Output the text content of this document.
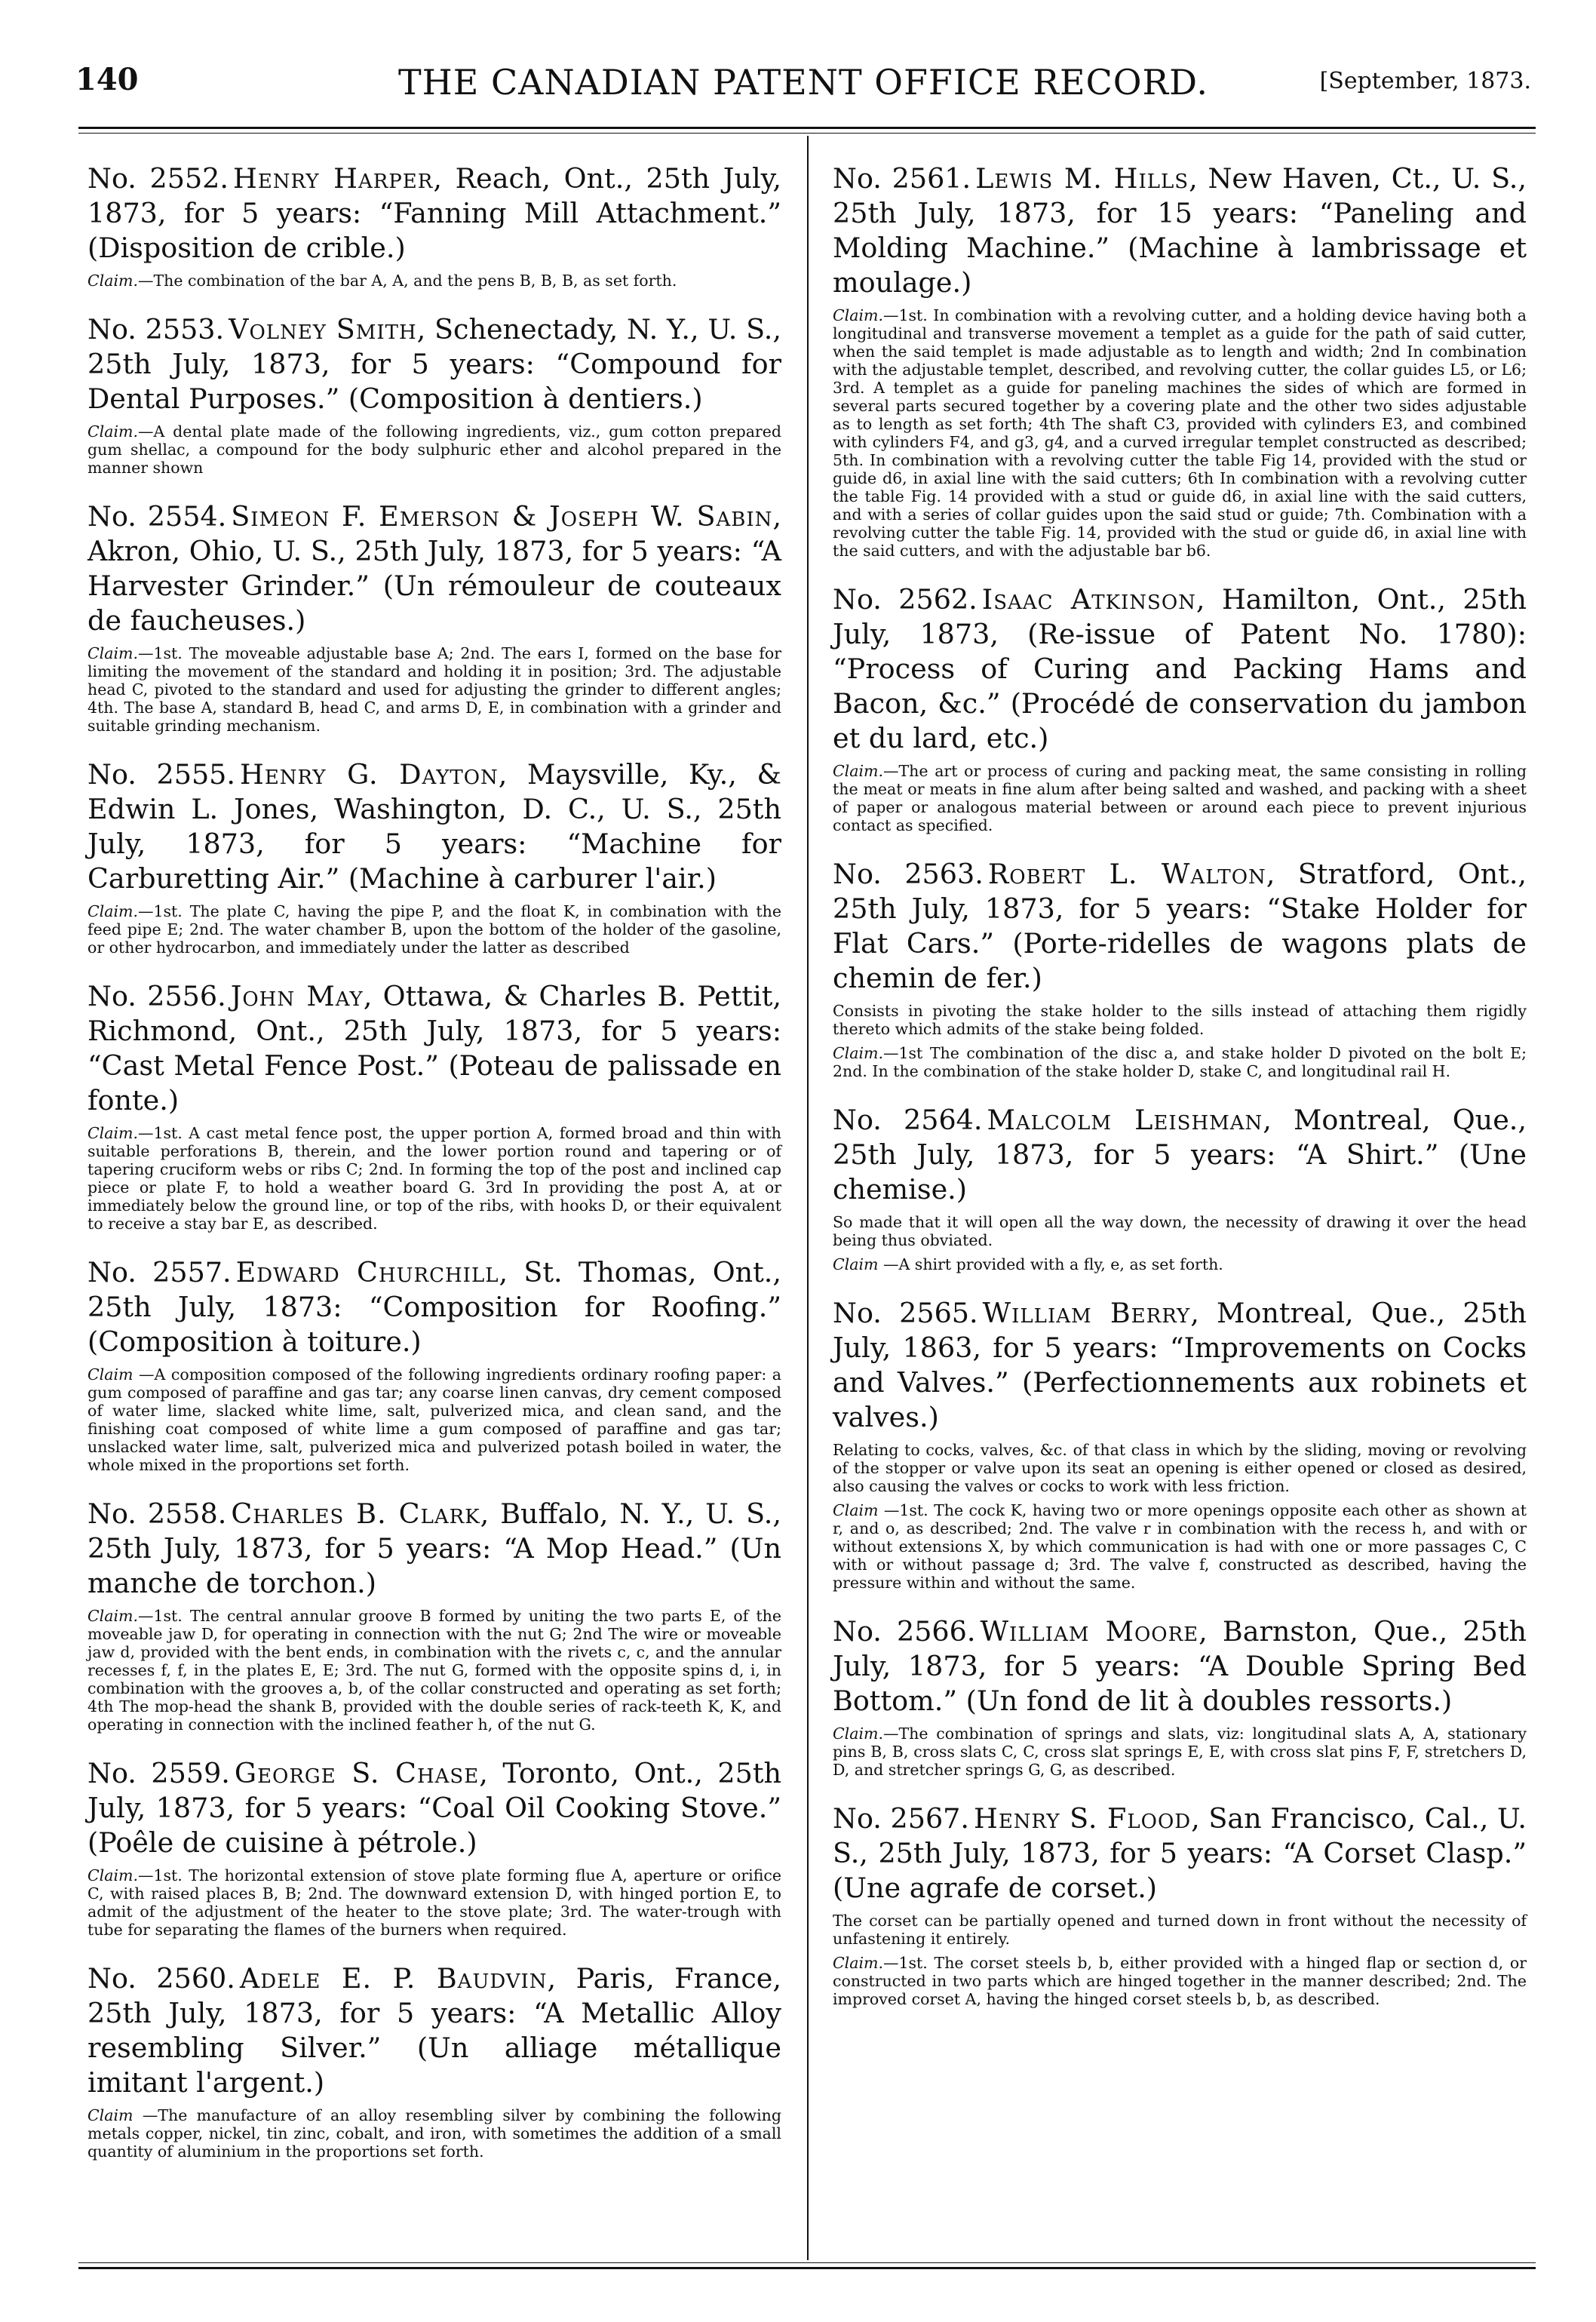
140	THE CANADIAN PATENT OFFICE RECORD.	[September, 1873.

No. 2552. Henry Harper, Reach, Ont., 25th July, 1873, for 5 years: “Fanning Mill Attachment.” (Disposition de crible.)

Claim.—The combination of the bar A, A, and the pens B, B, B, as set forth.

No. 2553. Volney Smith, Schenectady, N. Y., U. S., 25th July, 1873, for 5 years: “Compound for Dental Purposes.” (Composition à dentiers.)

Claim.—A dental plate made of the following ingredients, viz., gum cotton prepared gum shellac, a compound for the body sulphuric ether and alcohol prepared in the manner shown

No. 2554. Simeon F. Emerson & Joseph W. Sabin, Akron, Ohio, U. S., 25th July, 1873, for 5 years: “A Harvester Grinder.” (Un rémouleur de couteaux de faucheuses.)

Claim.—1st. The moveable adjustable base A; 2nd. The ears I, formed on the base for limiting the movement of the standard and holding it in position; 3rd. The adjustable head C, pivoted to the standard and used for adjusting the grinder to different angles; 4th. The base A, standard B, head C, and arms D, E, in combination with a grinder and suitable grinding mechanism.

No. 2555. Henry G. Dayton, Maysville, Ky., & Edwin L. Jones, Washington, D. C., U. S., 25th July, 1873, for 5 years: “Machine for Carburetting Air.” (Machine à carburer l'air.)

Claim.—1st. The plate C, having the pipe P, and the float K, in combination with the feed pipe E; 2nd. The water chamber B, upon the bottom of the holder of the gasoline, or other hydrocarbon, and immediately under the latter as described

No. 2556. John May, Ottawa, & Charles B. Pettit, Richmond, Ont., 25th July, 1873, for 5 years: “Cast Metal Fence Post.” (Poteau de palissade en fonte.)

Claim.—1st. A cast metal fence post, the upper portion A, formed broad and thin with suitable perforations B, therein, and the lower portion round and tapering or of tapering cruciform webs or ribs C; 2nd. In forming the top of the post and inclined cap piece or plate F, to hold a weather board G. 3rd In providing the post A, at or immediately below the ground line, or top of the ribs, with hooks D, or their equivalent to receive a stay bar E, as described.

No. 2557. Edward Churchill, St. Thomas, Ont., 25th July, 1873: “Composition for Roofing.” (Composition à toiture.)

Claim —A composition composed of the following ingredients ordinary roofing paper: a gum composed of paraffine and gas tar; any coarse linen canvas, dry cement composed of water lime, slacked white lime, salt, pulverized mica, and clean sand, and the finishing coat composed of white lime a gum composed of paraffine and gas tar; unslacked water lime, salt, pulverized mica and pulverized potash boiled in water, the whole mixed in the proportions set forth.

No. 2558. Charles B. Clark, Buffalo, N. Y., U. S., 25th July, 1873, for 5 years: “A Mop Head.” (Un manche de torchon.)

Claim.—1st. The central annular groove B formed by uniting the two parts E, of the moveable jaw D, for operating in connection with the nut G; 2nd The wire or moveable jaw d, provided with the bent ends, in combination with the rivets c, c, and the annular recesses f, f, in the plates E, E; 3rd. The nut G, formed with the opposite spins d, i, in combination with the grooves a, b, of the collar constructed and operating as set forth; 4th The mop-head the shank B, provided with the double series of rack-teeth K, K, and operating in connection with the inclined feather h, of the nut G.

No. 2559. George S. Chase, Toronto, Ont., 25th July, 1873, for 5 years: “Coal Oil Cooking Stove.” (Poêle de cuisine à pétrole.)

Claim.—1st. The horizontal extension of stove plate forming flue A, aperture or orifice C, with raised places B, B; 2nd. The downward extension D, with hinged portion E, to admit of the adjustment of the heater to the stove plate; 3rd. The water-trough with tube for separating the flames of the burners when required.

No. 2560. Adele E. P. Baudvin, Paris, France, 25th July, 1873, for 5 years: “A Metallic Alloy resembling Silver.” (Un alliage métallique imitant l'argent.)

Claim —The manufacture of an alloy resembling silver by combining the following metals copper, nickel, tin zinc, cobalt, and iron, with sometimes the addition of a small quantity of aluminium in the proportions set forth.

No. 2561. Lewis M. Hills, New Haven, Ct., U. S., 25th July, 1873, for 15 years: “Paneling and Molding Machine.” (Machine à lambrissage et moulage.)

Claim.—1st. In combination with a revolving cutter, and a holding device having both a longitudinal and transverse movement a templet as a guide for the path of said cutter, when the said templet is made adjustable as to length and width; 2nd In combination with the adjustable templet, described, and revolving cutter, the collar guides L5, or L6; 3rd. A templet as a guide for paneling machines the sides of which are formed in several parts secured together by a covering plate and the other two sides adjustable as to length as set forth; 4th The shaft C3, provided with cylinders E3, and combined with cylinders F4, and g3, g4, and a curved irregular templet constructed as described; 5th. In combination with a revolving cutter the table Fig 14, provided with the stud or guide d6, in axial line with the said cutters; 6th In combination with a revolving cutter the table Fig. 14 provided with a stud or guide d6, in axial line with the said cutters, and with a series of collar guides upon the said stud or guide; 7th. Combination with a revolving cutter the table Fig. 14, provided with the stud or guide d6, in axial line with the said cutters, and with the adjustable bar b6.

No. 2562. Isaac Atkinson, Hamilton, Ont., 25th July, 1873, (Re-issue of Patent No. 1780): “Process of Curing and Packing Hams and Bacon, &c.” (Procédé de conservation du jambon et du lard, etc.)

Claim.—The art or process of curing and packing meat, the same consisting in rolling the meat or meats in fine alum after being salted and washed, and packing with a sheet of paper or analogous material between or around each piece to prevent injurious contact as specified.

No. 2563. Robert L. Walton, Stratford, Ont., 25th July, 1873, for 5 years: “Stake Holder for Flat Cars.” (Porte-ridelles de wagons plats de chemin de fer.)

Consists in pivoting the stake holder to the sills instead of attaching them rigidly thereto which admits of the stake being folded.

Claim.—1st The combination of the disc a, and stake holder D pivoted on the bolt E; 2nd. In the combination of the stake holder D, stake C, and longitudinal rail H.

No. 2564. Malcolm Leishman, Montreal, Que., 25th July, 1873, for 5 years: “A Shirt.” (Une chemise.)

So made that it will open all the way down, the necessity of drawing it over the head being thus obviated.

Claim —A shirt provided with a fly, e, as set forth.

No. 2565. William Berry, Montreal, Que., 25th July, 1863, for 5 years: “Improvements on Cocks and Valves.” (Perfectionnements aux robinets et valves.)

Relating to cocks, valves, &c. of that class in which by the sliding, moving or revolving of the stopper or valve upon its seat an opening is either opened or closed as desired, also causing the valves or cocks to work with less friction.

Claim —1st. The cock K, having two or more openings opposite each other as shown at r, and o, as described; 2nd. The valve r in combination with the recess h, and with or without extensions X, by which communication is had with one or more passages C, C with or without passage d; 3rd. The valve f, constructed as described, having the pressure within and without the same.

No. 2566. William Moore, Barnston, Que., 25th July, 1873, for 5 years: “A Double Spring Bed Bottom.” (Un fond de lit à doubles ressorts.)

Claim.—The combination of springs and slats, viz: longitudinal slats A, A, stationary pins B, B, cross slats C, C, cross slat springs E, E, with cross slat pins F, F, stretchers D, D, and stretcher springs G, G, as described.

No. 2567. Henry S. Flood, San Francisco, Cal., U. S., 25th July, 1873, for 5 years: “A Corset Clasp.” (Une agrafe de corset.)

The corset can be partially opened and turned down in front without the necessity of unfastening it entirely.

Claim.—1st. The corset steels b, b, either provided with a hinged flap or section d, or constructed in two parts which are hinged together in the manner described; 2nd. The improved corset A, having the hinged corset steels b, b, as described.
